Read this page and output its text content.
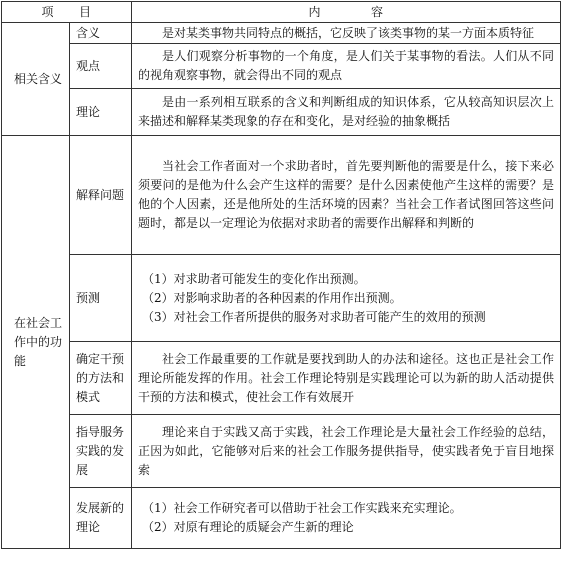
项　　目		内　　　　容
相关含义	含义	是对某类事物共同特点的概括，它反映了该类事物的某一方面本质特征
	观点	是人们观察分析事物的一个角度，是人们关于某事物的看法。人们从不同的视角观察事物，就会得出不同的观点
	理论	是由一系列相互联系的含义和判断组成的知识体系，它从较高知识层次上来描述和解释某类现象的存在和变化，是对经验的抽象概括
在社会工作中的功能	解释问题	当社会工作者面对一个求助者时，首先要判断他的需要是什么，接下来必须要问的是他为什么会产生这样的需要？是什么因素使他产生这样的需要？是他的个人因素，还是他所处的生活环境的因素？当社会工作者试图回答这些问题时，都是以一定理论为依据对求助者的需要作出解释和判断的
	预测	（1）对求助者可能发生的变化作出预测。
（2）对影响求助者的各种因素的作用作出预测。
（3）对社会工作者所提供的服务对求助者可能产生的效用的预测

	确定干预的方法和模式	社会工作最重要的工作就是要找到助人的办法和途径。这也正是社会工作理论所能发挥的作用。社会工作理论特别是实践理论可以为新的助人活动提供干预的方法和模式，使社会工作有效展开
	指导服务实践的发展	理论来自于实践又高于实践，社会工作理论是大量社会工作经验的总结，正因为如此，它能够对后来的社会工作服务提供指导，使实践者免于盲目地探索
	发展新的理论	（1）社会工作研究者可以借助于社会工作实践来充实理论。
（2）对原有理论的质疑会产生新的理论
